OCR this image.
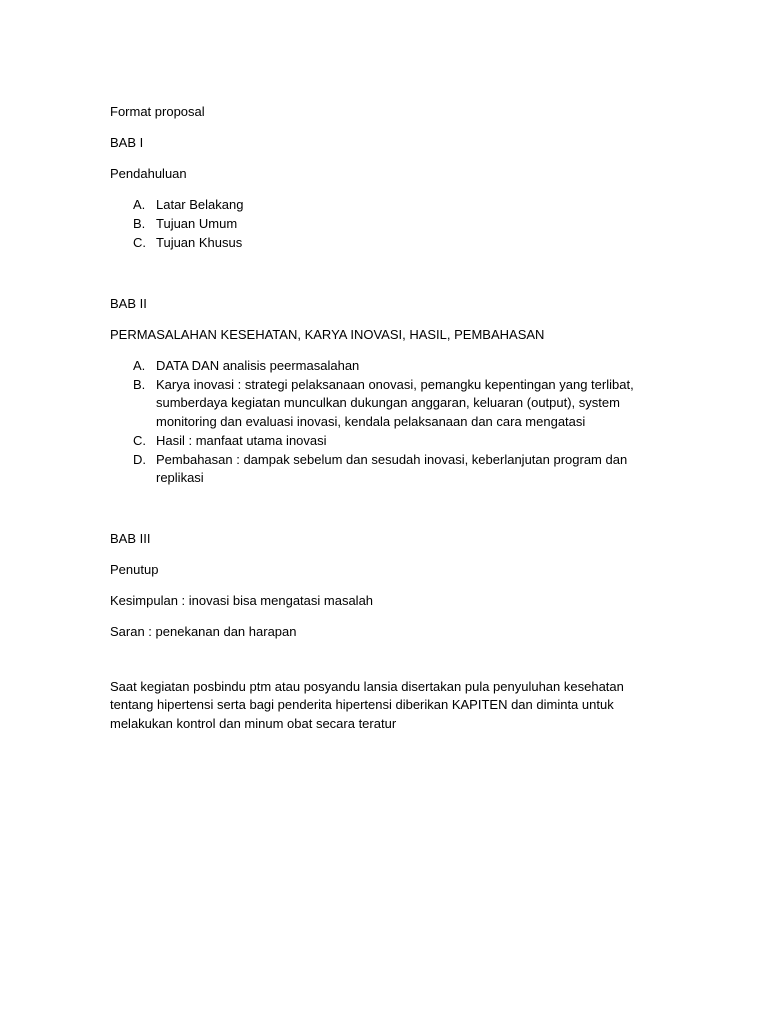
Format proposal

BAB I

Pendahuluan

A. Latar Belakang
B. Tujuan Umum
C. Tujuan Khusus

BAB II

PERMASALAHAN KESEHATAN, KARYA INOVASI, HASIL, PEMBAHASAN

A. DATA DAN analisis peermasalahan
B. Karya inovasi : strategi pelaksanaan onovasi, pemangku kepentingan yang terlibat, sumberdaya kegiatan munculkan dukungan anggaran, keluaran (output), system monitoring dan evaluasi inovasi, kendala pelaksanaan dan cara mengatasi
C. Hasil : manfaat utama inovasi
D. Pembahasan : dampak sebelum dan sesudah inovasi, keberlanjutan program dan replikasi

BAB III

Penutup

Kesimpulan : inovasi bisa mengatasi masalah

Saran : penekanan dan harapan

Saat kegiatan posbindu ptm atau posyandu lansia disertakan pula penyuluhan kesehatan tentang hipertensi serta bagi penderita hipertensi diberikan KAPITEN dan diminta untuk melakukan kontrol dan minum obat secara teratur
